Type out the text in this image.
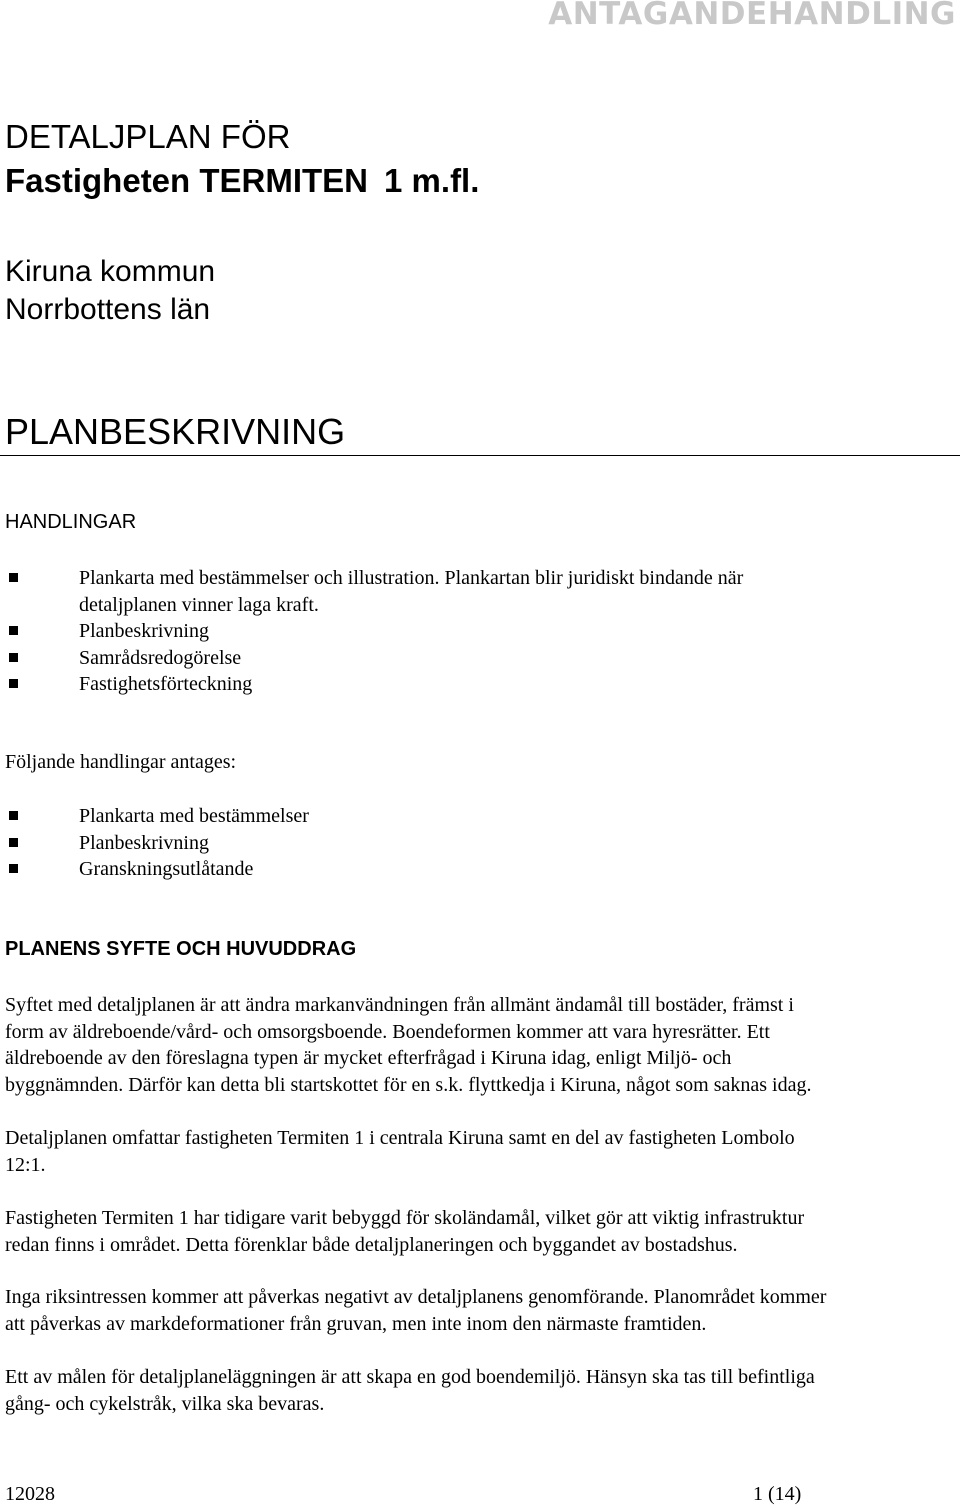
ANTAGANDEHANDLING
DETALJPLAN FÖR
Fastigheten TERMITEN 1 m.fl.
Kiruna kommun
Norrbottens län
PLANBESKRIVNING
HANDLINGAR
Plankarta med bestämmelser och illustration. Plankartan blir juridiskt bindande när
detaljplanen vinner laga kraft.
Planbeskrivning
Samrådsredogörelse
Fastighetsförteckning

Följande handlingar antages:

Plankarta med bestämmelser
Planbeskrivning
Granskningsutlåtande
PLANENS SYFTE OCH HUVUDDRAG

Syftet med detaljplanen är att ändra markanvändningen från allmänt ändamål till bostäder, främst i
form av äldreboende/vård- och omsorgsboende. Boendeformen kommer att vara hyresrätter. Ett
äldreboende av den föreslagna typen är mycket efterfrågad i Kiruna idag, enligt Miljö- och
byggnämnden. Därför kan detta bli startskottet för en s.k. flyttkedja i Kiruna, något som saknas idag.

Detaljplanen omfattar fastigheten Termiten 1 i centrala Kiruna samt en del av fastigheten Lombolo
12:1.

Fastigheten Termiten 1 har tidigare varit bebyggd för skoländamål, vilket gör att viktig infrastruktur
redan finns i området. Detta förenklar både detaljplaneringen och byggandet av bostadshus.

Inga riksintressen kommer att påverkas negativt av detaljplanens genomförande. Planområdet kommer
att påverkas av markdeformationer från gruvan, men inte inom den närmaste framtiden.

Ett av målen för detaljplaneläggningen är att skapa en god boendemiljö. Hänsyn ska tas till befintliga
gång- och cykelstråk, vilka ska bevaras.

12028	1 (14)
